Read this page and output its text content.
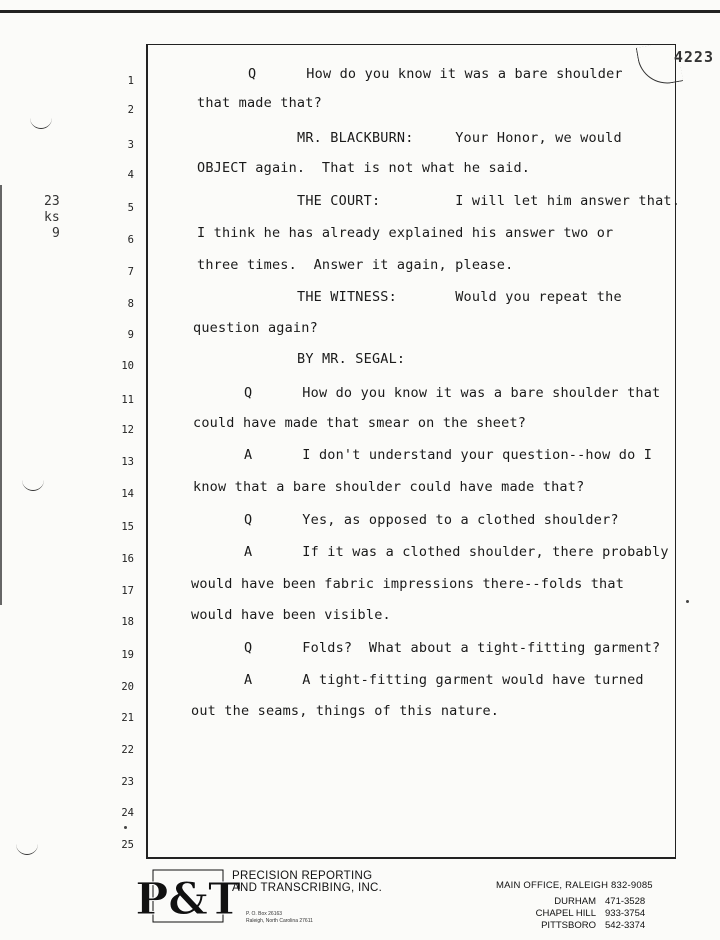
4223
23
ks
9
1
2
3
4
5
6
7
8
9
10
11
12
13
14
15
16
17
18
19
20
21
22
23
24
25
Q      How do you know it was a bare shoulder
that made that?
MR. BLACKBURN:     Your Honor, we would
OBJECT again.  That is not what he said.
THE COURT:         I will let him answer that.
I think he has already explained his answer two or
three times.  Answer it again, please.
THE WITNESS:       Would you repeat the
question again?
BY MR. SEGAL:
Q      How do you know it was a bare shoulder that
could have made that smear on the sheet?
A      I don't understand your question--how do I
know that a bare shoulder could have made that?
Q      Yes, as opposed to a clothed shoulder?
A      If it was a clothed shoulder, there probably
would have been fabric impressions there--folds that
would have been visible.
Q      Folds?  What about a tight-fitting garment?
A      A tight-fitting garment would have turned
out the seams, things of this nature.
P&T
PRECISION REPORTING
AND TRANSCRIBING, INC.
P. O. Box 26163
Raleigh, North Carolina 27611
MAIN OFFICE, RALEIGH 832-9085
DURHAM 471-3528
CHAPEL HILL 933-3754
PITTSBORO 542-3374
